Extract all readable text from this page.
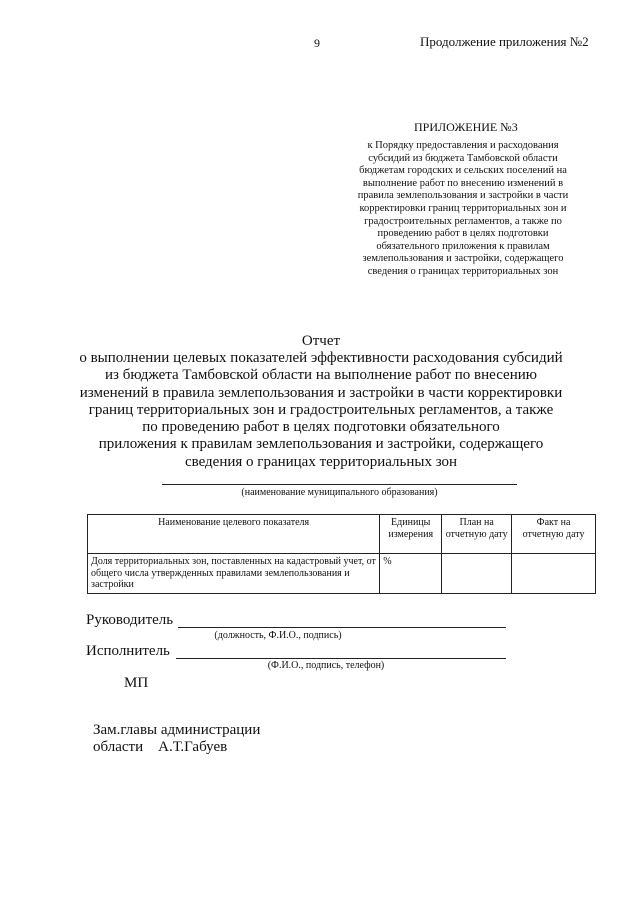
9	Продолжение приложения №2
ПРИЛОЖЕНИЕ №3
к Порядку предоставления и расходования
субсидий из бюджета Тамбовской области
бюджетам городских и сельских поселений на
выполнение работ по внесению изменений в
правила землепользования и застройки в части
корректировки границ территориальных зон и
градостроительных регламентов, а также по
проведению работ в целях подготовки
обязательного приложения к правилам
землепользования и застройки, содержащего
сведения о границах территориальных зон
Отчет
о выполнении целевых показателей эффективности расходования субсидий
из бюджета Тамбовской области на выполнение работ по внесению
изменений в правила землепользования и застройки в части корректировки
границ территориальных зон и градостроительных регламентов, а также
по проведению работ в целях подготовки обязательного
приложения к правилам землепользования и застройки, содержащего
сведения о границах территориальных зон
(наименование муниципального образования)
Наименование целевого показателя	Единицы измерения	План на отчетную дату	Факт на отчетную дату
Доля территориальных зон, поставленных на кадастровый учет, от общего числа утвержденных правилами землепользования и застройки	%		
Руководитель
(должность, Ф.И.О., подпись)
Исполнитель
(Ф.И.О., подпись, телефон)
МП
Зам.главы администрации
области    А.Т.Габуев
